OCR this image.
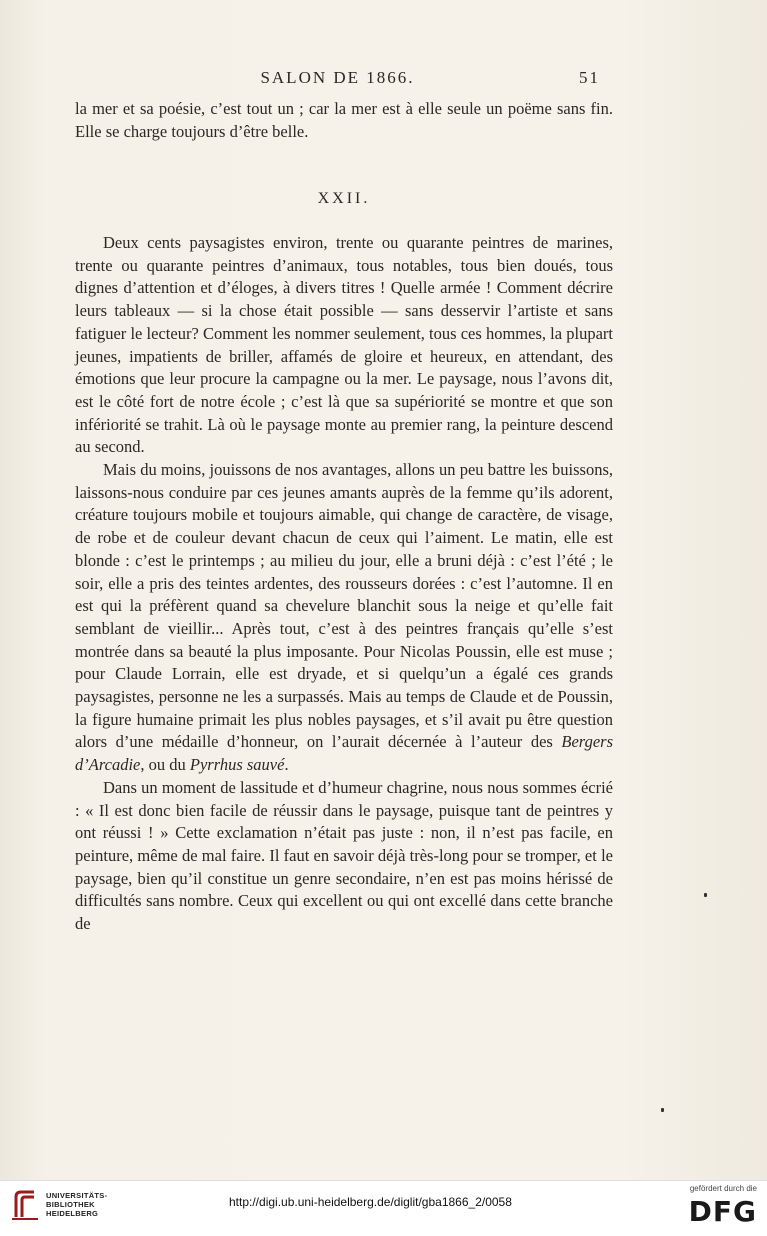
SALON DE 1866.	51

la mer et sa poésie, c’est tout un ; car la mer est à elle seule un poëme sans fin. Elle se charge toujours d’être belle.

XXII.

Deux cents paysagistes environ, trente ou quarante peintres de marines, trente ou quarante peintres d’animaux, tous notables, tous bien doués, tous dignes d’attention et d’éloges, à divers titres ! Quelle armée ! Comment décrire leurs tableaux — si la chose était possible — sans desservir l’artiste et sans fatiguer le lecteur? Comment les nommer seulement, tous ces hommes, la plupart jeunes, impatients de briller, affamés de gloire et heureux, en attendant, des émotions que leur procure la campagne ou la mer. Le paysage, nous l’avons dit, est le côté fort de notre école ; c’est là que sa supériorité se montre et que son infériorité se trahit. Là où le paysage monte au premier rang, la peinture descend au second.

Mais du moins, jouissons de nos avantages, allons un peu battre les buissons, laissons-nous conduire par ces jeunes amants auprès de la femme qu’ils adorent, créature toujours mobile et toujours aimable, qui change de caractère, de visage, de robe et de couleur devant chacun de ceux qui l’aiment. Le matin, elle est blonde : c’est le printemps ; au milieu du jour, elle a bruni déjà : c’est l’été ; le soir, elle a pris des teintes ardentes, des rousseurs dorées : c’est l’automne. Il en est qui la préfèrent quand sa chevelure blanchit sous la neige et qu’elle fait semblant de vieillir... Après tout, c’est à des peintres français qu’elle s’est montrée dans sa beauté la plus imposante. Pour Nicolas Poussin, elle est muse ; pour Claude Lorrain, elle est dryade, et si quelqu’un a égalé ces grands paysagistes, personne ne les a surpassés. Mais au temps de Claude et de Poussin, la figure humaine primait les plus nobles paysages, et s’il avait pu être question alors d’une médaille d’honneur, on l’aurait décernée à l’auteur des Bergers d’Arcadie, ou du Pyrrhus sauvé.

Dans un moment de lassitude et d’humeur chagrine, nous nous sommes écrié : « Il est donc bien facile de réussir dans le paysage, puisque tant de peintres y ont réussi ! » Cette exclamation n’était pas juste : non, il n’est pas facile, en peinture, même de mal faire. Il faut en savoir déjà très-long pour se tromper, et le paysage, bien qu’il constitue un genre secondaire, n’en est pas moins hérissé de difficultés sans nombre. Ceux qui excellent ou qui ont excellé dans cette branche de

UNIVERSITÄTS-
BIBLIOTHEK
HEIDELBERG
http://digi.ub.uni-heidelberg.de/diglit/gba1866_2/0058
gefördert durch die
DFG
